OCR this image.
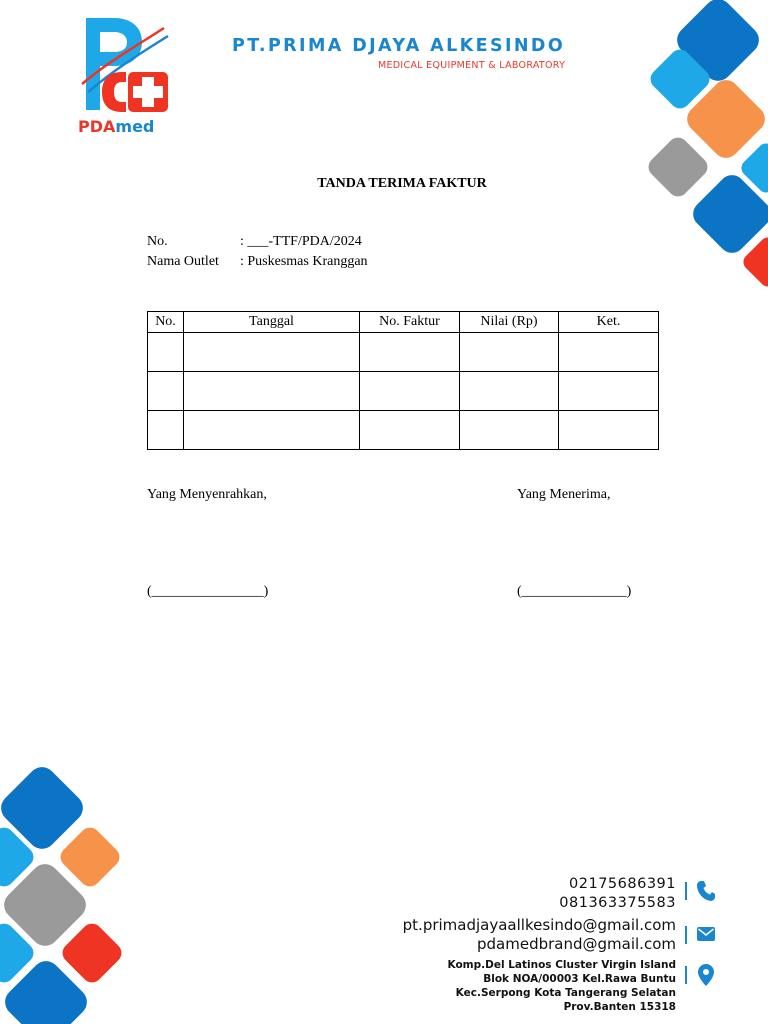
PDAmed
PT.PRIMA DJAYA ALKESINDO
MEDICAL EQUIPMENT & LABORATORY
TANDA TERIMA FAKTUR
No.	: ___-TTF/PDA/2024
Nama Outlet : Puskesmas Kranggan
No.	Tanggal	No. Faktur	Nilai (Rp)	Ket.

Yang Menyenrahkan,	Yang Menerima,
(________________)	(_______________)
02175686391
081363375583
pt.primadjayaallkesindo@gmail.com
pdamedbrand@gmail.com
Komp.Del Latinos Cluster Virgin Island
Blok NOA/00003 Kel.Rawa Buntu
Kec.Serpong Kota Tangerang Selatan
Prov.Banten 15318
